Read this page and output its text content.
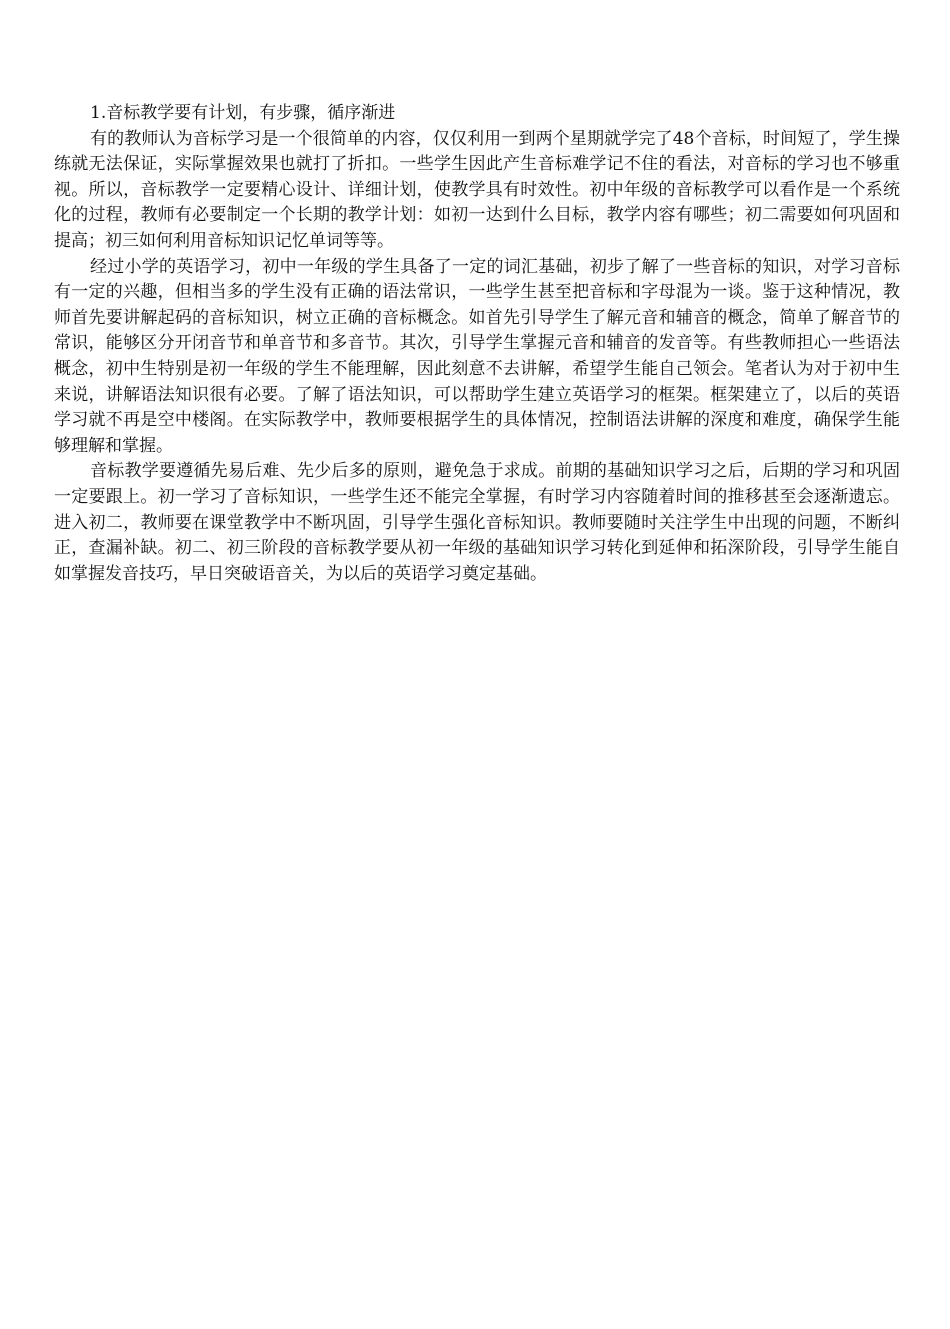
1.音标教学要有计划，有步骤，循序渐进

有的教师认为音标学习是一个很简单的内容，仅仅利用一到两个星期就学完了48个音标，时间短了，学生操练就无法保证，实际掌握效果也就打了折扣。一些学生因此产生音标难学记不住的看法，对音标的学习也不够重视。所以，音标教学一定要精心设计、详细计划，使教学具有时效性。初中年级的音标教学可以看作是一个系统化的过程，教师有必要制定一个长期的教学计划：如初一达到什么目标，教学内容有哪些；初二需要如何巩固和提高；初三如何利用音标知识记忆单词等等。

经过小学的英语学习，初中一年级的学生具备了一定的词汇基础，初步了解了一些音标的知识，对学习音标有一定的兴趣，但相当多的学生没有正确的语法常识，一些学生甚至把音标和字母混为一谈。鉴于这种情况，教师首先要讲解起码的音标知识，树立正确的音标概念。如首先引导学生了解元音和辅音的概念，简单了解音节的常识，能够区分开闭音节和单音节和多音节。其次，引导学生掌握元音和辅音的发音等。有些教师担心一些语法概念，初中生特别是初一年级的学生不能理解，因此刻意不去讲解，希望学生能自己领会。笔者认为对于初中生来说，讲解语法知识很有必要。了解了语法知识，可以帮助学生建立英语学习的框架。框架建立了，以后的英语学习就不再是空中楼阁。在实际教学中，教师要根据学生的具体情况，控制语法讲解的深度和难度，确保学生能够理解和掌握。

音标教学要遵循先易后难、先少后多的原则，避免急于求成。前期的基础知识学习之后，后期的学习和巩固一定要跟上。初一学习了音标知识，一些学生还不能完全掌握，有时学习内容随着时间的推移甚至会逐渐遗忘。进入初二，教师要在课堂教学中不断巩固，引导学生强化音标知识。教师要随时关注学生中出现的问题，不断纠正，查漏补缺。初二、初三阶段的音标教学要从初一年级的基础知识学习转化到延伸和拓深阶段，引导学生能自如掌握发音技巧，早日突破语音关，为以后的英语学习奠定基础。
